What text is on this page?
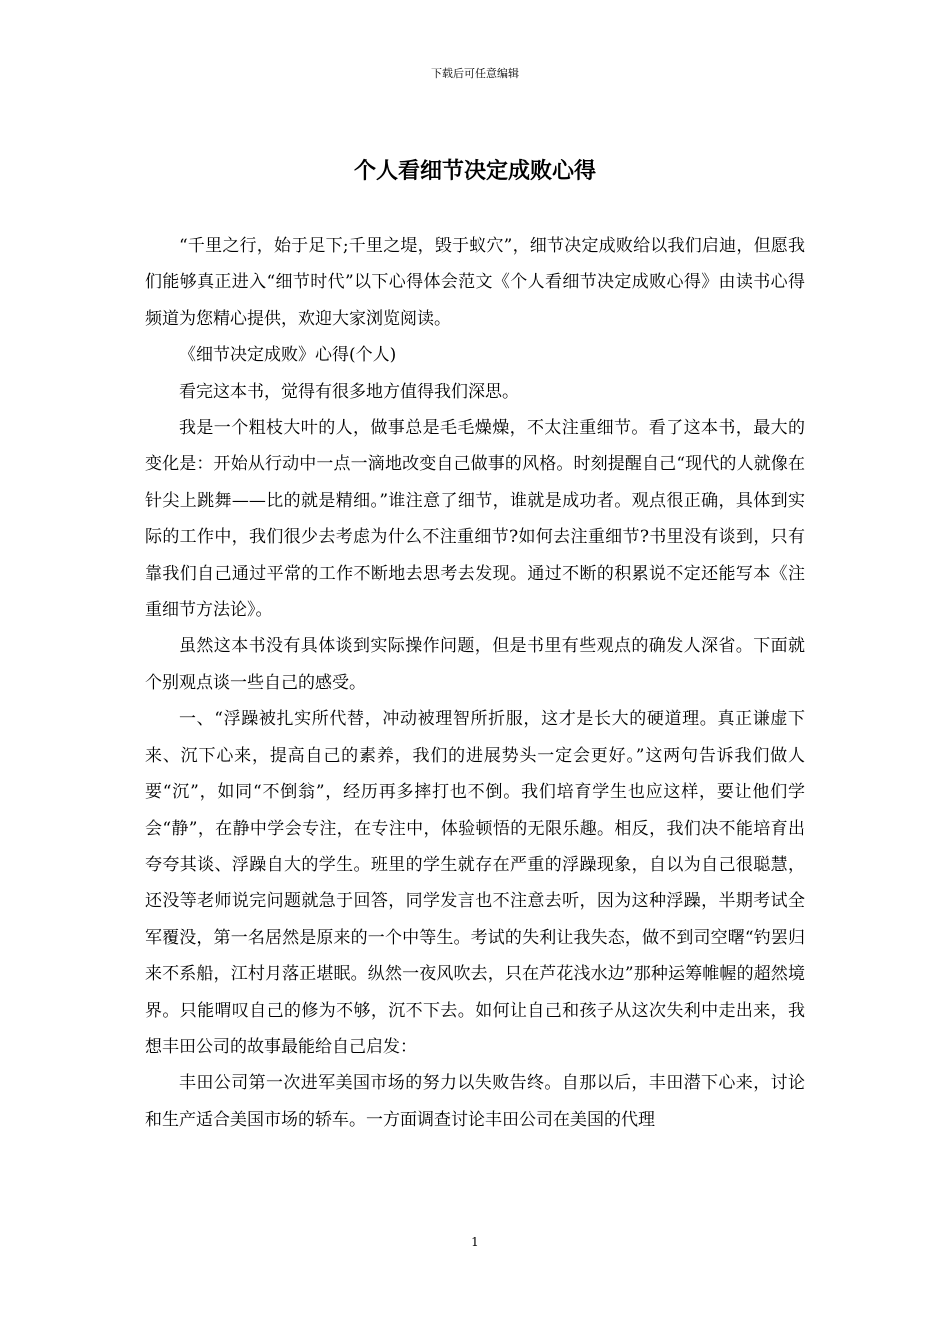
下载后可任意编辑
个人看细节决定成败心得

“千里之行，始于足下;千里之堤，毁于蚁穴”，细节决定成败给以我们启迪，但愿我们能够真正进入“细节时代”以下心得体会范文《个人看细节决定成败心得》由读书心得频道为您精心提供，欢迎大家浏览阅读。

《细节决定成败》心得(个人)

看完这本书，觉得有很多地方值得我们深思。

我是一个粗枝大叶的人，做事总是毛毛燥燥，不太注重细节。看了这本书，最大的变化是：开始从行动中一点一滴地改变自己做事的风格。时刻提醒自己“现代的人就像在针尖上跳舞——比的就是精细。”谁注意了细节，谁就是成功者。观点很正确，具体到实际的工作中，我们很少去考虑为什么不注重细节?如何去注重细节?书里没有谈到，只有靠我们自己通过平常的工作不断地去思考去发现。通过不断的积累说不定还能写本《注重细节方法论》。

虽然这本书没有具体谈到实际操作问题，但是书里有些观点的确发人深省。下面就个别观点谈一些自己的感受。

一、“浮躁被扎实所代替，冲动被理智所折服，这才是长大的硬道理。真正谦虚下来、沉下心来，提高自己的素养，我们的进展势头一定会更好。”这两句告诉我们做人要“沉”，如同“不倒翁”，经历再多摔打也不倒。我们培育学生也应这样，要让他们学会“静”，在静中学会专注，在专注中，体验顿悟的无限乐趣。相反，我们决不能培育出夸夸其谈、浮躁自大的学生。班里的学生就存在严重的浮躁现象，自以为自己很聪慧，还没等老师说完问题就急于回答，同学发言也不注意去听，因为这种浮躁，半期考试全军覆没，第一名居然是原来的一个中等生。考试的失利让我失态，做不到司空曙“钓罢归来不系船，江村月落正堪眠。纵然一夜风吹去，只在芦花浅水边”那种运筹帷幄的超然境界。只能喟叹自己的修为不够，沉不下去。如何让自己和孩子从这次失利中走出来，我想丰田公司的故事最能给自己启发：

丰田公司第一次进军美国市场的努力以失败告终。自那以后，丰田潜下心来，讨论和生产适合美国市场的轿车。一方面调查讨论丰田公司在美国的代理

1
